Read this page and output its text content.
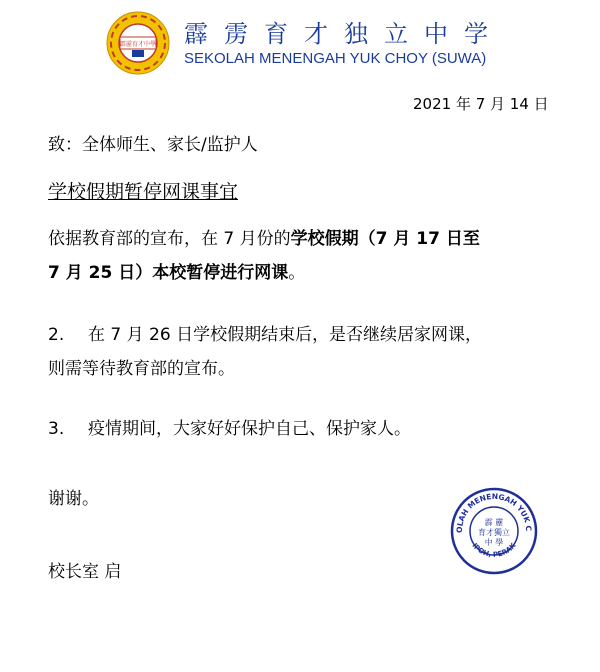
霹靂育才中學 霹雳育才独立中学
SEKOLAH MENENGAH YUK CHOY (SUWA)
2021 年 7 月 14 日
致：全体师生、家长/监护人
学校假期暂停网课事宜
依据教育部的宣布，在 7 月份的学校假期（7 月 17 日至
7 月 25 日）本校暂停进行网课。
2. 在 7 月 26 日学校假期结束后，是否继续居家网课，
则需等待教育部的宣布。
3. 疫情期间，大家好好保护自己、保护家人。
谢谢。
校长室 启
OLAH MENENGAH YUK C
IPOH, PERAK
霹 靂
育才獨立
中 學
